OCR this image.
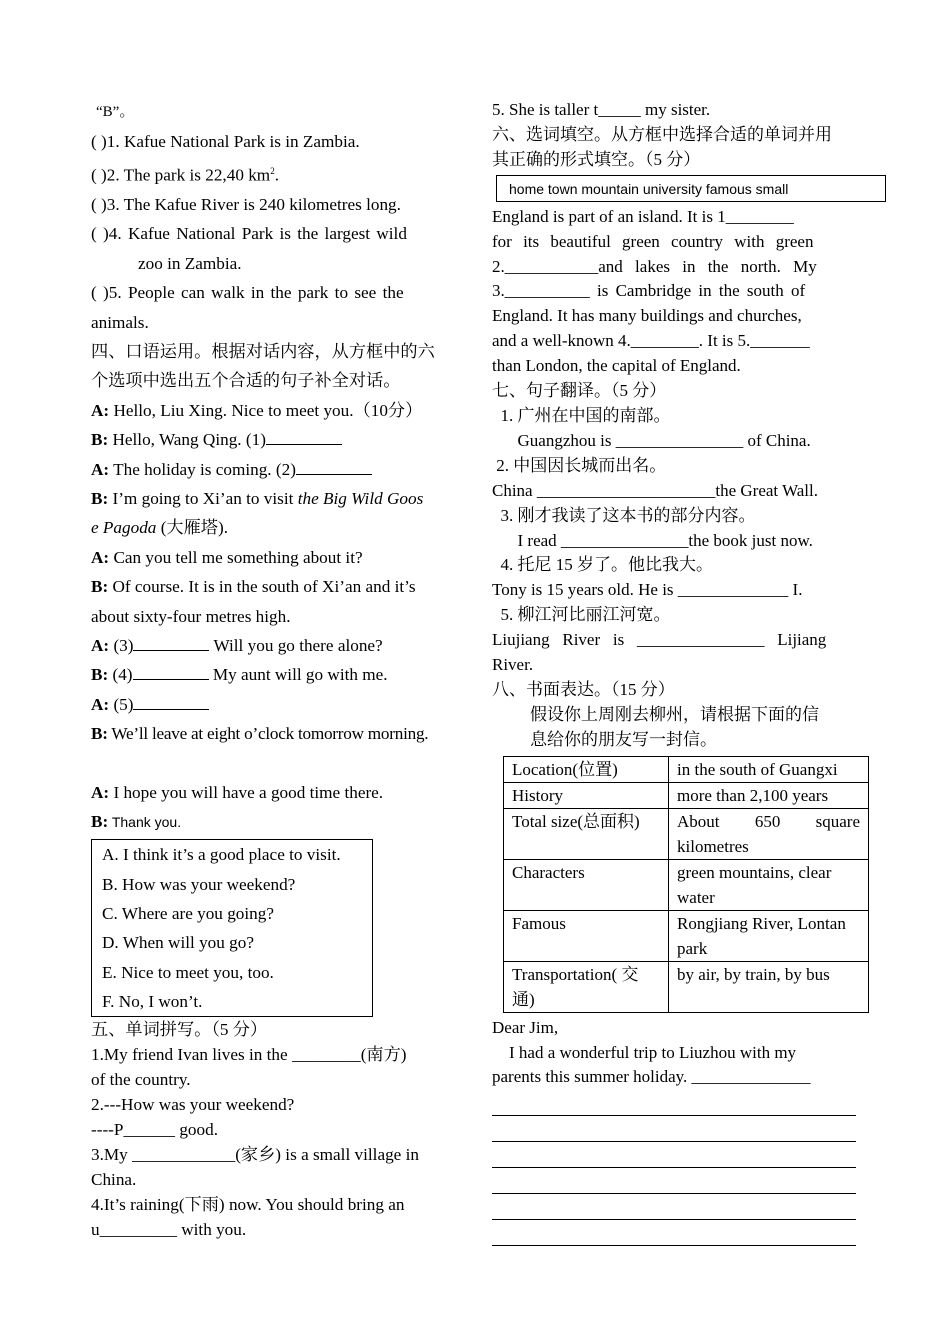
“B”。
( )1. Kafue National Park is in Zambia.
( )2. The park is 22,40 $km^2$.
( )3. The Kafue River is 240 kilometres long.
( )4. Kafue National Park is the largest wild
zoo in Zambia.
( )5. People can walk in the park to see the
animals.
四、口语运用。根据对话内容，从方框中的六
个选项中选出五个合适的句子补全对话。
A: Hello, Liu Xing. Nice to meet you.（10分）
B: Hello, Wang Qing. (1)
A: The holiday is coming. (2)
B: I’m going to Xi’an to visit the Big Wild Goos
e Pagoda (大雁塔).
A: Can you tell me something about it?
B: Of course. It is in the south of Xi’an and it’s
about sixty-four metres high.
A: (3)	Will you go there alone?
B: (4)	My aunt will go with me.
A: (5)
B: We’ll leave at eight o’clock tomorrow morning.
A: I hope you will have a good time there.
B: Thank you.
A. I think it’s a good place to visit.
B. How was your weekend?
C. Where are you going?
D. When will you go?
E. Nice to meet you, too.
F. No, I won’t.
五、单词拼写。（5 分）
1.My friend Ivan lives in the ________(南方)
of the country.
2.---How was your weekend?
----P______ good.
3.My ____________(家乡) is a small village in
China.
4.It’s raining(下雨) now. You should bring an
u_________ with you.
5. She is taller t_____ my sister.
六、选词填空。从方框中选择合适的单词并用
其正确的形式填空。（5 分）
home town mountain university famous small
England is part of an island. It is 1________
for its beautiful green country with green
2.___________and lakes in the north. My
3.__________ is Cambridge in the south of
England. It has many buildings and churches,
and a well-known 4.________. It is 5._______
than London, the capital of England.
七、句子翻译。（5 分）
1. 广州在中国的南部。
Guangzhou is _______________ of China.
2. 中国因长城而出名。
China _____________________the Great Wall.
3. 刚才我读了这本书的部分内容。
I read _______________the book just now.
4. 托尼 15 岁了。他比我大。
Tony is 15 years old. He is _____________ I.
5. 柳江河比丽江河宽。
Liujiang   River   is   _______________   Lijiang
River.
八、书面表达。（15 分）
假设你上周刚去柳州，请根据下面的信
息给你的朋友写一封信。
Location(位置)	in the south of Guangxi
History	more than 2,100 years
Total size(总面积)	About 650 square kilometres
Characters	green mountains, clear water
Famous	Rongjiang River, Lontan park
Transportation( 交通)	by air, by train, by bus
Dear Jim,
I had a wonderful trip to Liuzhou with my
parents this summer holiday. ______________
